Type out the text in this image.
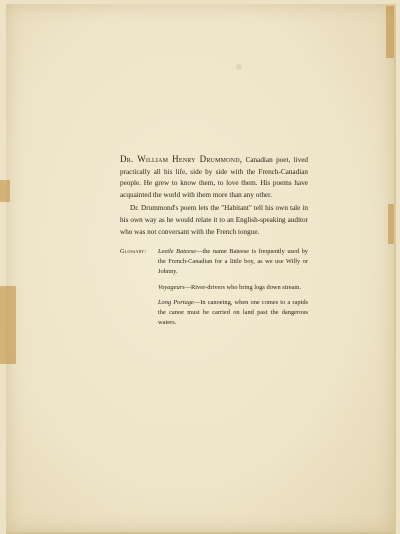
Dr. William Henry Drummond, Canadian poet, lived practically all his life, side by side with the French-Canadian people. He grew to know them, to love them. His poems have acquainted the world with them more than any other.

Dr. Drummond's poem lets the "Habitant" tell his own tale in his own way as he would relate it to an English-speaking auditor who was not conversant with the French tongue.

Glossary: Leetle Bateese—the name Bateese is frequently used by the French-Canadian for a little boy, as we use Willy or Johnny.

Voyageurs—River-drivers who bring logs down stream.

Long Portage—In canoeing, when one comes to a rapids the canoe must be carried on land past the dangerous waters.
